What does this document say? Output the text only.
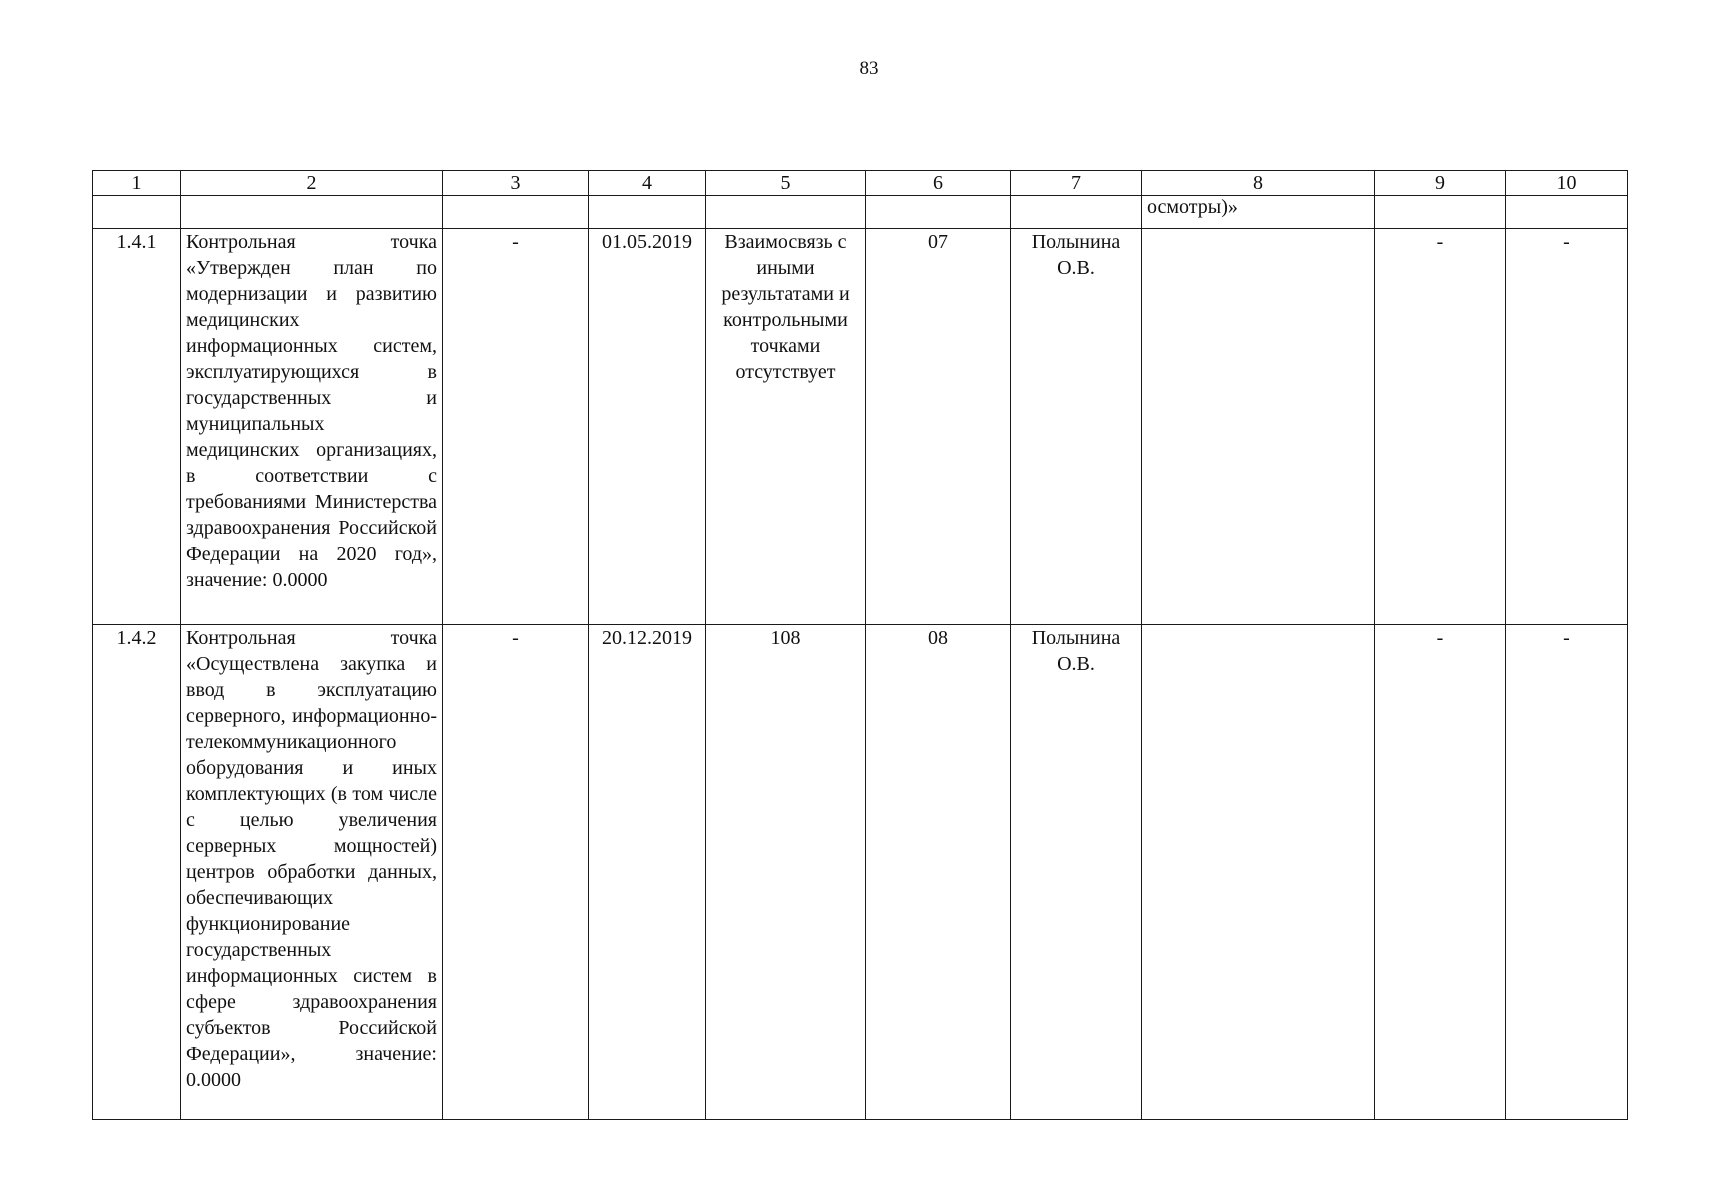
83
1	2	3	4	5	6	7	8	9	10
							осмотры)»		
1.4.1	Контрольная точка «Утвержден план по модернизации и развитию медицинских информационных систем, эксплуатирующихся в государственных и муниципальных медицинских организациях, в соответствии с требованиями Министерства здравоохранения Российской Федерации на 2020 год», значение: 0.0000	-	01.05.2019	Взаимосвязь с иными результатами и контрольными точками отсутствует	07	Полынина О.В.		-	-
1.4.2	Контрольная точка «Осуществлена закупка и ввод в эксплуатацию серверного, информационно-телекоммуникационного оборудования и иных комплектующих (в том числе с целью увеличения серверных мощностей) центров обработки данных, обеспечивающих функционирование государственных информационных систем в сфере здравоохранения субъектов Российской Федерации», значение: 0.0000	-	20.12.2019	108	08	Полынина О.В.		-	-
